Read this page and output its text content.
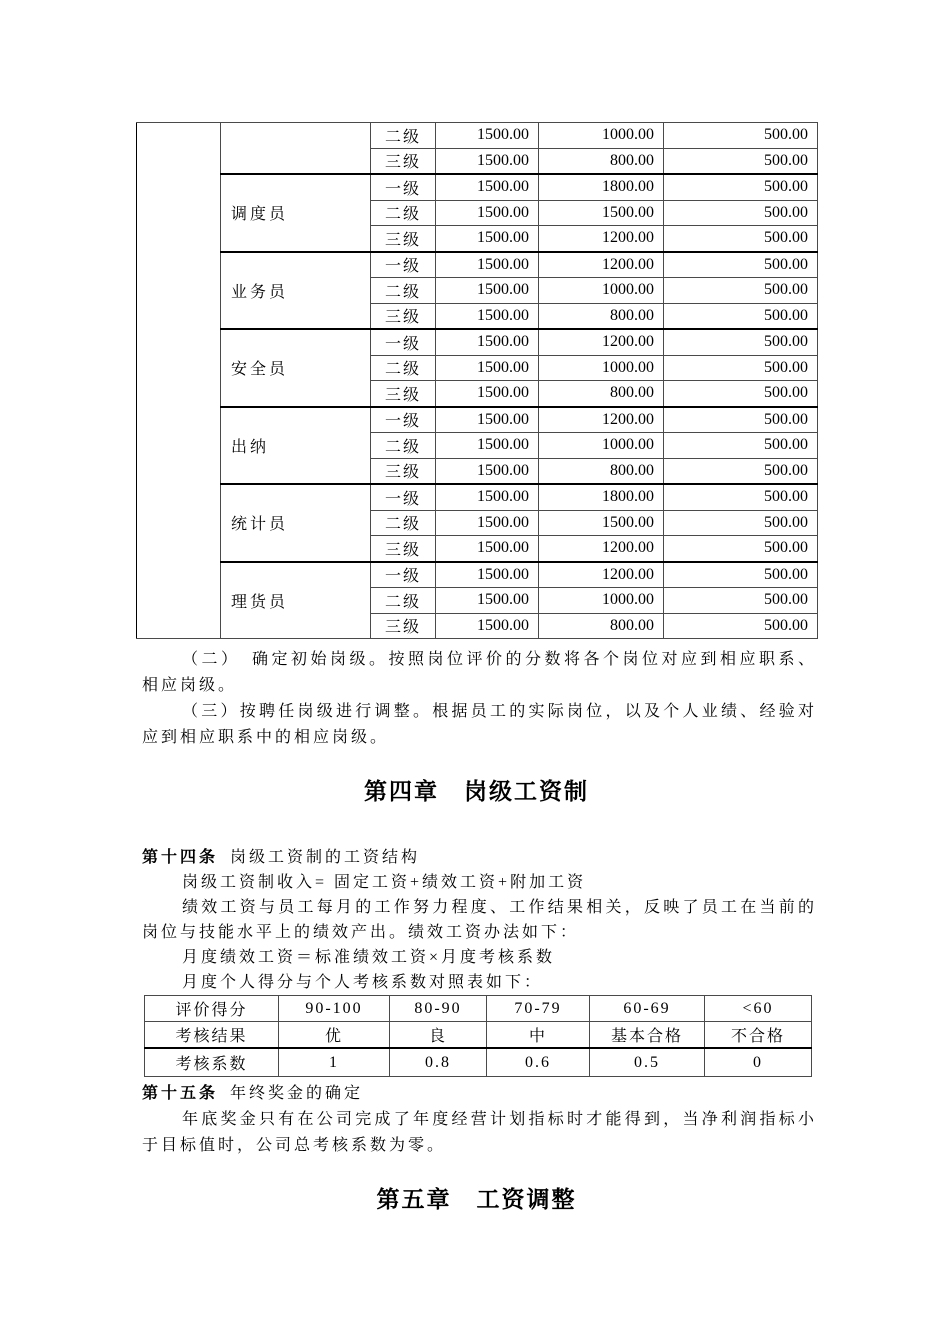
		二级	1500.00	1000.00	500.00
		三级	1500.00	800.00	500.00
	调度员	一级	1500.00	1800.00	500.00
		二级	1500.00	1500.00	500.00
		三级	1500.00	1200.00	500.00
	业务员	一级	1500.00	1200.00	500.00
		二级	1500.00	1000.00	500.00
		三级	1500.00	800.00	500.00
	安全员	一级	1500.00	1200.00	500.00
		二级	1500.00	1000.00	500.00
		三级	1500.00	800.00	500.00
	出纳	一级	1500.00	1200.00	500.00
		二级	1500.00	1000.00	500.00
		三级	1500.00	800.00	500.00
	统计员	一级	1500.00	1800.00	500.00
		二级	1500.00	1500.00	500.00
		三级	1500.00	1200.00	500.00
	理货员	一级	1500.00	1200.00	500.00
		二级	1500.00	1000.00	500.00
		三级	1500.00	800.00	500.00

（二）　确定初始岗级。按照岗位评价的分数将各个岗位对应到相应职系、相应岗级。

（三）按聘任岗级进行调整。根据员工的实际岗位，以及个人业绩、经验对应到相应职系中的相应岗级。

第四章　岗级工资制

第十四条 岗级工资制的工资结构

岗级工资制收入= 固定工资+绩效工资+附加工资

绩效工资与员工每月的工作努力程度、工作结果相关，反映了员工在当前的岗位与技能水平上的绩效产出。绩效工资办法如下：

月度绩效工资＝标准绩效工资×月度考核系数

月度个人得分与个人考核系数对照表如下：

评价得分	90-100	80-90	70-79	60-69	<60
考核结果	优	良	中	基本合格	不合格
考核系数	1	0.8	0.6	0.5	0

第十五条 年终奖金的确定

年底奖金只有在公司完成了年度经营计划指标时才能得到，当净利润指标小于目标值时，公司总考核系数为零。

第五章　工资调整
